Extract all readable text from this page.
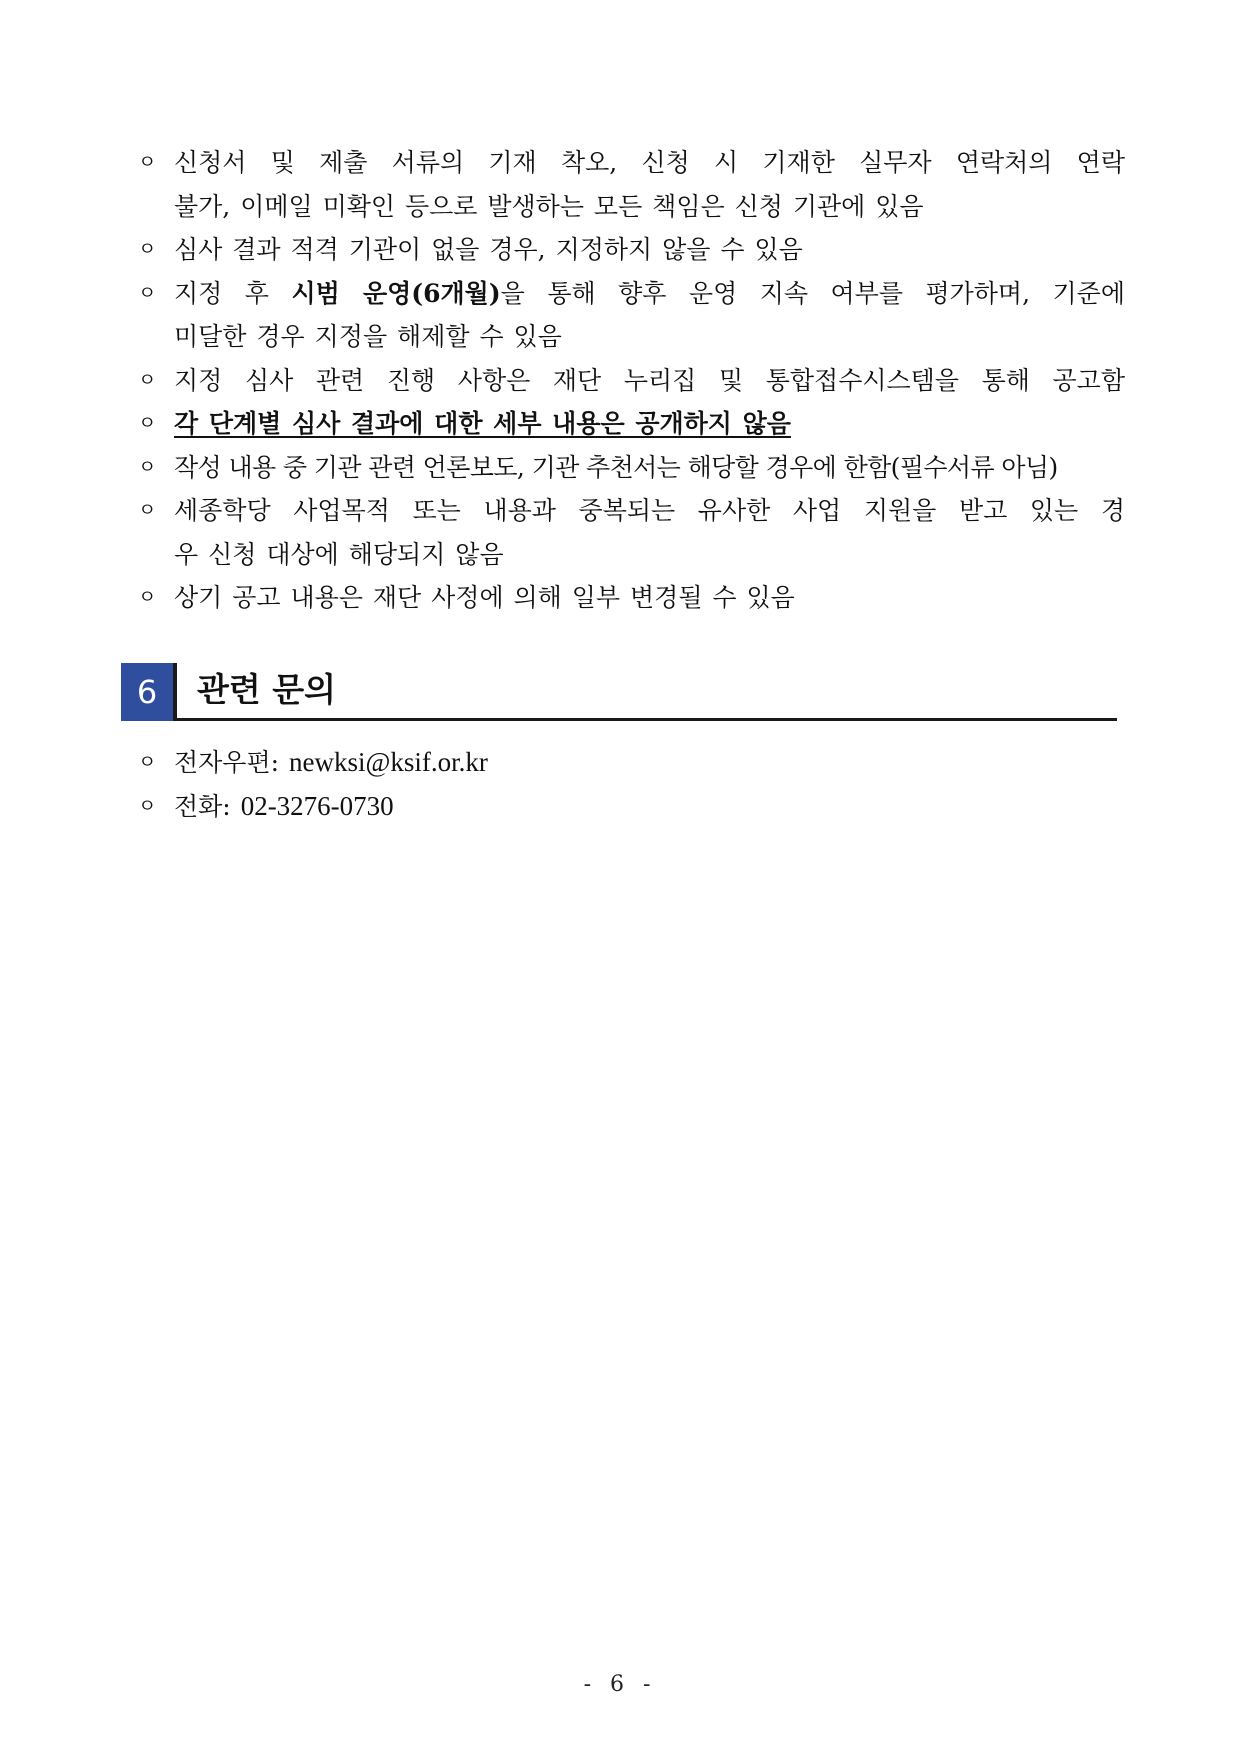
ㅇ 신청서 및 제출 서류의 기재 착오, 신청 시 기재한 실무자 연락처의 연락
불가, 이메일 미확인 등으로 발생하는 모든 책임은 신청 기관에 있음
ㅇ 심사 결과 적격 기관이 없을 경우, 지정하지 않을 수 있음
ㅇ 지정 후 시범 운영(6개월)을 통해 향후 운영 지속 여부를 평가하며, 기준에
미달한 경우 지정을 해제할 수 있음
ㅇ 지정 심사 관련 진행 사항은 재단 누리집 및 통합접수시스템을 통해 공고함
ㅇ 각 단계별 심사 결과에 대한 세부 내용은 공개하지 않음
ㅇ 작성 내용 중 기관 관련 언론보도, 기관 추천서는 해당할 경우에 한함(필수서류 아님)
ㅇ 세종학당 사업목적 또는 내용과 중복되는 유사한 사업 지원을 받고 있는 경
우 신청 대상에 해당되지 않음
ㅇ 상기 공고 내용은 재단 사정에 의해 일부 변경될 수 있음
6	관련 문의
ㅇ 전자우편: newksi@ksif.or.kr
ㅇ 전화: 02-3276-0730
- 6 -
